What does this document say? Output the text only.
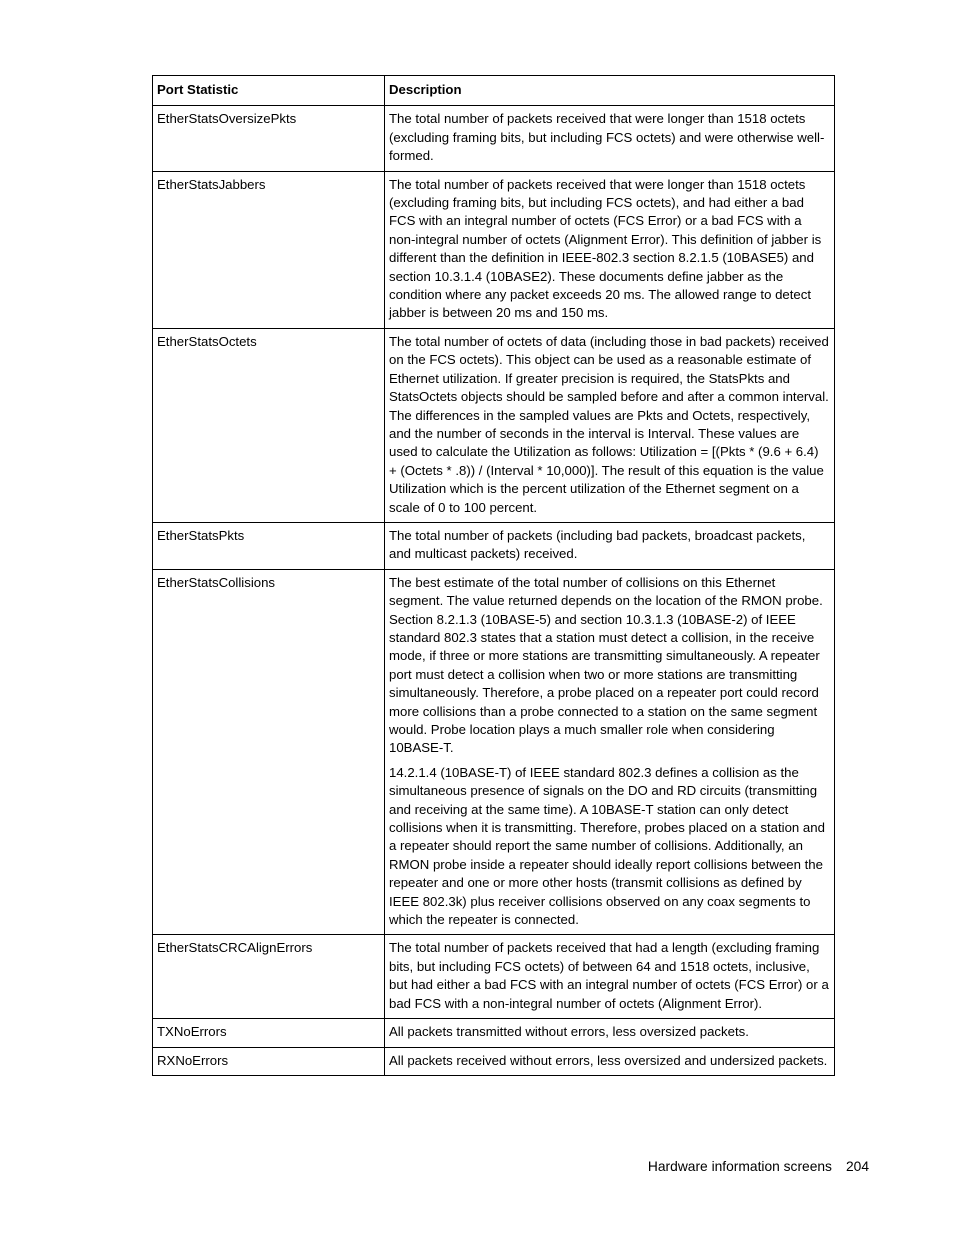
Port Statistic	Description
EtherStatsOversizePkts	The total number of packets received that were longer than 1518 octets (excluding framing bits, but including FCS octets) and were otherwise well-formed.

EtherStatsJabbers	The total number of packets received that were longer than 1518 octets (excluding framing bits, but including FCS octets), and had either a bad FCS with an integral number of octets (FCS Error) or a bad FCS with a non-integral number of octets (Alignment Error). This definition of jabber is different than the definition in IEEE-802.3 section 8.2.1.5 (10BASE5) and section 10.3.1.4 (10BASE2). These documents define jabber as the condition where any packet exceeds 20 ms. The allowed range to detect jabber is between 20 ms and 150 ms.

EtherStatsOctets	The total number of octets of data (including those in bad packets) received on the FCS octets). This object can be used as a reasonable estimate of Ethernet utilization. If greater precision is required, the StatsPkts and StatsOctets objects should be sampled before and after a common interval. The differences in the sampled values are Pkts and Octets, respectively, and the number of seconds in the interval is Interval. These values are used to calculate the Utilization as follows: Utilization = [(Pkts * (9.6 + 6.4) + (Octets * .8)) / (Interval * 10,000)]. The result of this equation is the value Utilization which is the percent utilization of the Ethernet segment on a scale of 0 to 100 percent.

EtherStatsPkts	The total number of packets (including bad packets, broadcast packets, and multicast packets) received.

EtherStatsCollisions	The best estimate of the total number of collisions on this Ethernet segment. The value returned depends on the location of the RMON probe. Section 8.2.1.3 (10BASE-5) and section 10.3.1.3 (10BASE-2) of IEEE standard 802.3 states that a station must detect a collision, in the receive mode, if three or more stations are transmitting simultaneously. A repeater port must detect a collision when two or more stations are transmitting simultaneously. Therefore, a probe placed on a repeater port could record more collisions than a probe connected to a station on the same segment would. Probe location plays a much smaller role when considering 10BASE-T.

14.2.1.4 (10BASE-T) of IEEE standard 802.3 defines a collision as the simultaneous presence of signals on the DO and RD circuits (transmitting and receiving at the same time). A 10BASE-T station can only detect collisions when it is transmitting. Therefore, probes placed on a station and a repeater should report the same number of collisions. Additionally, an RMON probe inside a repeater should ideally report collisions between the repeater and one or more other hosts (transmit collisions as defined by IEEE 802.3k) plus receiver collisions observed on any coax segments to which the repeater is connected.

EtherStatsCRCAlignErrors	The total number of packets received that had a length (excluding framing bits, but including FCS octets) of between 64 and 1518 octets, inclusive, but had either a bad FCS with an integral number of octets (FCS Error) or a bad FCS with a non-integral number of octets (Alignment Error).

TXNoErrors	All packets transmitted without errors, less oversized packets.

RXNoErrors	All packets received without errors, less oversized and undersized packets.

Hardware information screens 204
